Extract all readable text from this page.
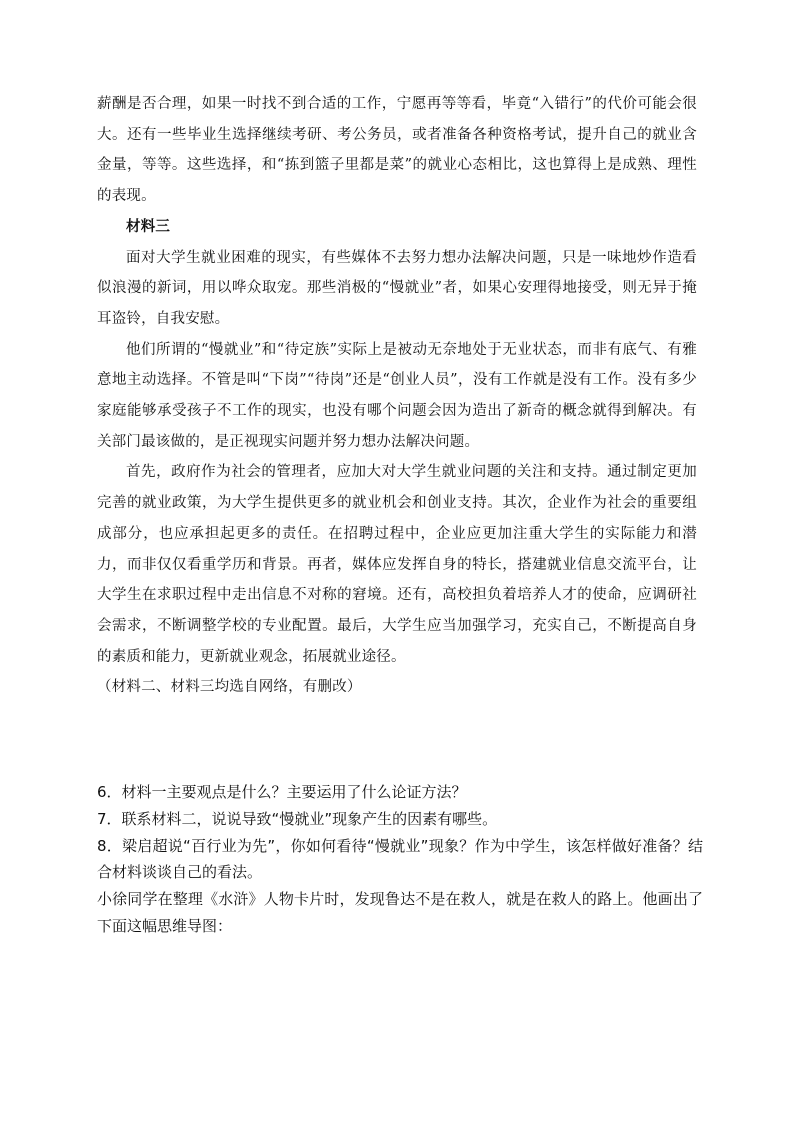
薪酬是否合理，如果一时找不到合适的工作，宁愿再等等看，毕竟“入错行”的代价可能会很大。还有一些毕业生选择继续考研、考公务员，或者准备各种资格考试，提升自己的就业含金量，等等。这些选择，和“拣到篮子里都是菜”的就业心态相比，这也算得上是成熟、理性的表现。

材料三

面对大学生就业困难的现实，有些媒体不去努力想办法解决问题，只是一味地炒作造看似浪漫的新词，用以哗众取宠。那些消极的“慢就业”者，如果心安理得地接受，则无异于掩耳盗铃，自我安慰。

他们所谓的“慢就业”和“待定族”实际上是被动无奈地处于无业状态，而非有底气、有雅意地主动选择。不管是叫“下岗”“待岗”还是“创业人员”，没有工作就是没有工作。没有多少家庭能够承受孩子不工作的现实，也没有哪个问题会因为造出了新奇的概念就得到解决。有关部门最该做的，是正视现实问题并努力想办法解决问题。

首先，政府作为社会的管理者，应加大对大学生就业问题的关注和支持。通过制定更加完善的就业政策，为大学生提供更多的就业机会和创业支持。其次，企业作为社会的重要组成部分，也应承担起更多的责任。在招聘过程中，企业应更加注重大学生的实际能力和潜力，而非仅仅看重学历和背景。再者，媒体应发挥自身的特长，搭建就业信息交流平台，让大学生在求职过程中走出信息不对称的窘境。还有，高校担负着培养人才的使命，应调研社会需求，不断调整学校的专业配置。最后，大学生应当加强学习，充实自己，不断提高自身的素质和能力，更新就业观念，拓展就业途径。

（材料二、材料三均选自网络，有删改）

6．材料一主要观点是什么？主要运用了什么论证方法？

7．联系材料二，说说导致“慢就业”现象产生的因素有哪些。

8．梁启超说“百行业为先”，你如何看待“慢就业”现象？作为中学生，该怎样做好准备？结合材料谈谈自己的看法。

小徐同学在整理《水浒》人物卡片时，发现鲁达不是在救人，就是在救人的路上。他画出了下面这幅思维导图：
